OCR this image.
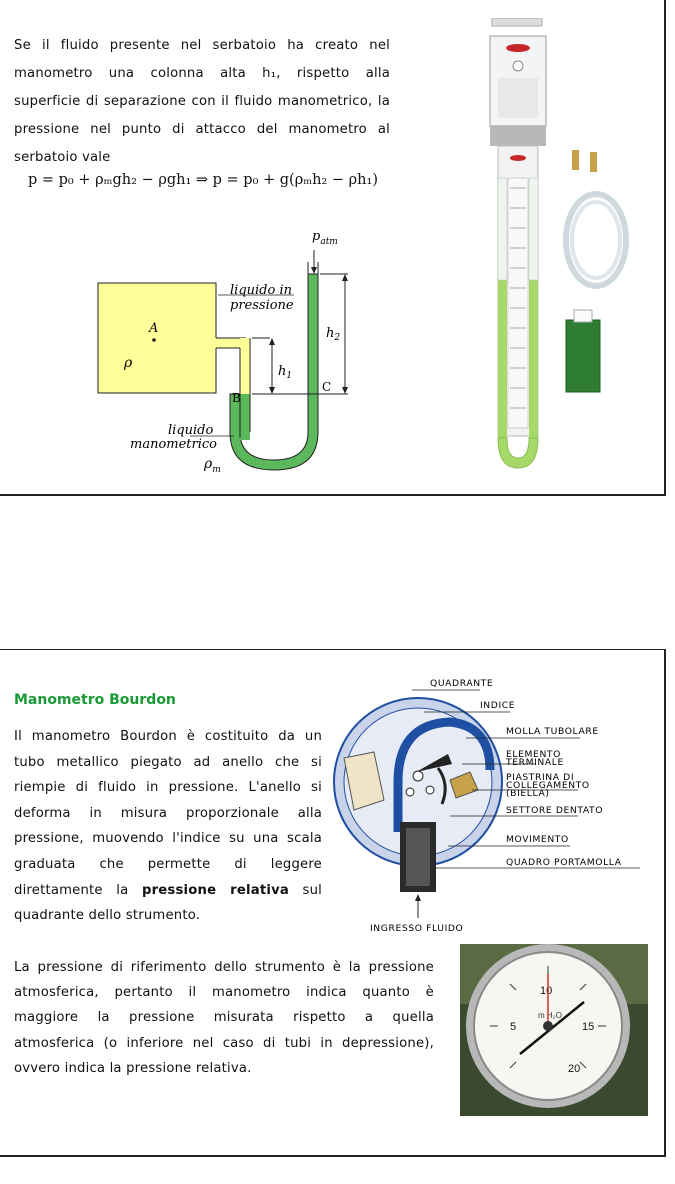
Se il fluido presente nel serbatoio ha creato nel
manometro una colonna alta h₁, rispetto alla
superficie di separazione con il fluido manometrico, la
pressione nel punto di attacco del manometro al
serbatoio vale
p = p₀ + ρₘgh₂ − ρgh₁ ⇒ p = p₀ + g(ρₘh₂ − ρh₁)
A
ρ
B
C
liquido in
pressione
$h_1$
$h_2$
$p_{atm}$
liquido
manometrico
$\rho_m$
Manometro Bourdon
Il manometro Bourdon è costituito da un
tubo metallico piegato ad anello che si
riempie di fluido in pressione. L'anello si
deforma in misura proporzionale alla
pressione, muovendo l'indice su una scala
graduata che permette di leggere
direttamente la pressione relativa sul
quadrante dello strumento.
La pressione di riferimento dello strumento è la pressione
atmosferica, pertanto il manometro indica quanto è
maggiore la pressione misurata rispetto a quella
atmosferica (o inferiore nel caso di tubi in depressione),
ovvero indica la pressione relativa.
QUADRANTE
INDICE
MOLLA TUBOLARE
ELEMENTO
TERMINALE
PIASTRINA DI
COLLEGAMENTO
(BIELLA)
SETTORE DENTATO
MOVIMENTO
QUADRO PORTAMOLLA
INGRESSO FLUIDO
10
5	15
20
m H₂O
